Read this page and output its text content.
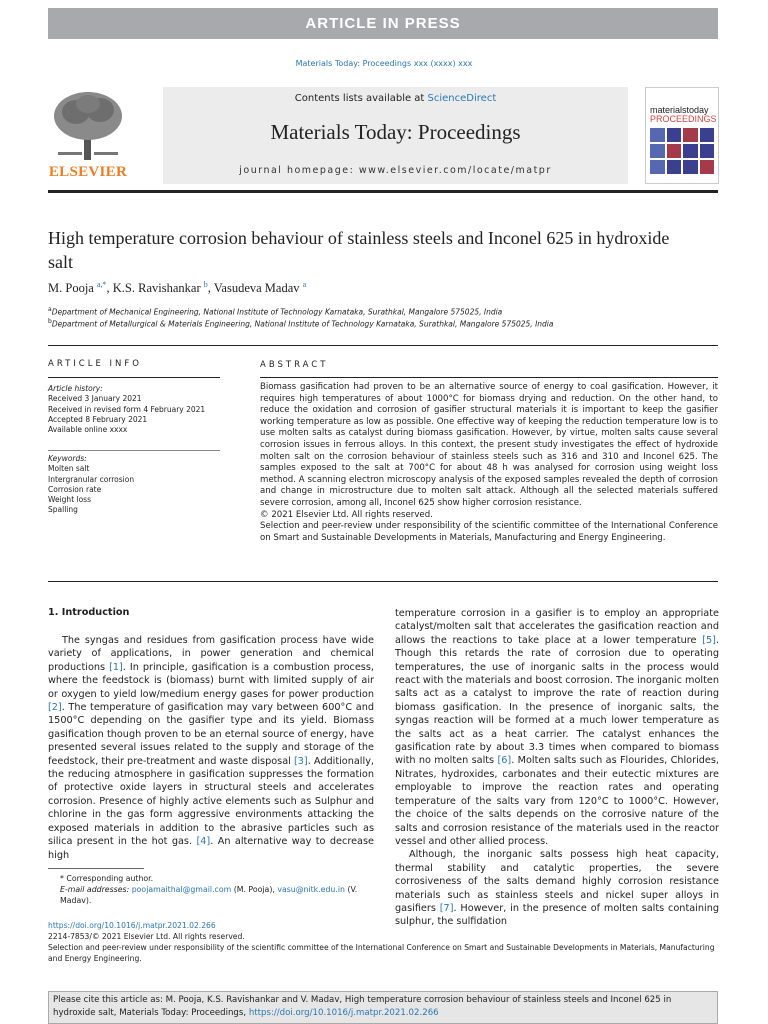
ARTICLE IN PRESS
Materials Today: Proceedings xxx (xxxx) xxx
ELSEVIER
Contents lists available at ScienceDirect
Materials Today: Proceedings
journal homepage: www.elsevier.com/locate/matpr
materialstoday
PROCEEDINGS
High temperature corrosion behaviour of stainless steels and Inconel 625 in hydroxide salt
M. Pooja $^{a,*}$, K.S. Ravishankar $^b$, Vasudeva Madav $^a$
$^a$Department of Mechanical Engineering, National Institute of Technology Karnataka, Surathkal, Mangalore 575025, India
$^b$Department of Metallurgical & Materials Engineering, National Institute of Technology Karnataka, Surathkal, Mangalore 575025, India
ARTICLE INFO	ABSTRACT
Article history:
Received 3 January 2021
Received in revised form 4 February 2021
Accepted 8 February 2021
Available online xxxx
Keywords:
Molten salt
Intergranular corrosion
Corrosion rate
Weight loss
Spalling
Biomass gasification had proven to be an alternative source of energy to coal gasification. However, it requires high temperatures of about 1000°C for biomass drying and reduction. On the other hand, to reduce the oxidation and corrosion of gasifier structural materials it is important to keep the gasifier working temperature as low as possible. One effective way of keeping the reduction temperature low is to use molten salts as catalyst during biomass gasification. However, by virtue, molten salts cause several corrosion issues in ferrous alloys. In this context, the present study investigates the effect of hydroxide molten salt on the corrosion behaviour of stainless steels such as 316 and 310 and Inconel 625. The samples exposed to the salt at 700°C for about 48 h was analysed for corrosion using weight loss method. A scanning electron microscopy analysis of the exposed samples revealed the depth of corrosion and change in microstructure due to molten salt attack. Although all the selected materials suffered severe corrosion, among all, Inconel 625 show higher corrosion resistance.
© 2021 Elsevier Ltd. All rights reserved.
Selection and peer-review under responsibility of the scientific committee of the International Conference on Smart and Sustainable Developments in Materials, Manufacturing and Energy Engineering.
1. Introduction

The syngas and residues from gasification process have wide variety of applications, in power generation and chemical productions [1]. In principle, gasification is a combustion process, where the feedstock is (biomass) burnt with limited supply of air or oxygen to yield low/medium energy gases for power production [2]. The temperature of gasification may vary between 600°C and 1500°C depending on the gasifier type and its yield. Biomass gasification though proven to be an eternal source of energy, have presented several issues related to the supply and storage of the feedstock, their pre-treatment and waste disposal [3]. Additionally, the reducing atmosphere in gasification suppresses the formation of protective oxide layers in structural steels and accelerates corrosion. Presence of highly active elements such as Sulphur and chlorine in the gas form aggressive environments attacking the exposed materials in addition to the abrasive particles such as silica present in the hot gas. [4]. An alternative way to decrease high

temperature corrosion in a gasifier is to employ an appropriate catalyst/molten salt that accelerates the gasification reaction and allows the reactions to take place at a lower temperature [5]. Though this retards the rate of corrosion due to operating temperatures, the use of inorganic salts in the process would react with the materials and boost corrosion. The inorganic molten salts act as a catalyst to improve the rate of reaction during biomass gasification. In the presence of inorganic salts, the syngas reaction will be formed at a much lower temperature as the salts act as a heat carrier. The catalyst enhances the gasification rate by about 3.3 times when compared to biomass with no molten salts [6]. Molten salts such as Flourides, Chlorides, Nitrates, hydroxides, carbonates and their eutectic mixtures are employable to improve the reaction rates and operating temperature of the salts vary from 120°C to 1000°C. However, the choice of the salts depends on the corrosive nature of the salts and corrosion resistance of the materials used in the reactor vessel and other allied process.

Although, the inorganic salts possess high heat capacity, thermal stability and catalytic properties, the severe corrosiveness of the salts demand highly corrosion resistance materials such as stainless steels and nickel super alloys in gasifiers [7]. However, in the presence of molten salts containing sulphur, the sulfidation

* Corresponding author.
E-mail addresses: poojamaithal@gmail.com (M. Pooja), vasu@nitk.edu.in (V. Madav).
https://doi.org/10.1016/j.matpr.2021.02.266
2214-7853/© 2021 Elsevier Ltd. All rights reserved.
Selection and peer-review under responsibility of the scientific committee of the International Conference on Smart and Sustainable Developments in Materials, Manufacturing and Energy Engineering.
Please cite this article as: M. Pooja, K.S. Ravishankar and V. Madav, High temperature corrosion behaviour of stainless steels and Inconel 625 in hydroxide salt, Materials Today: Proceedings, https://doi.org/10.1016/j.matpr.2021.02.266
